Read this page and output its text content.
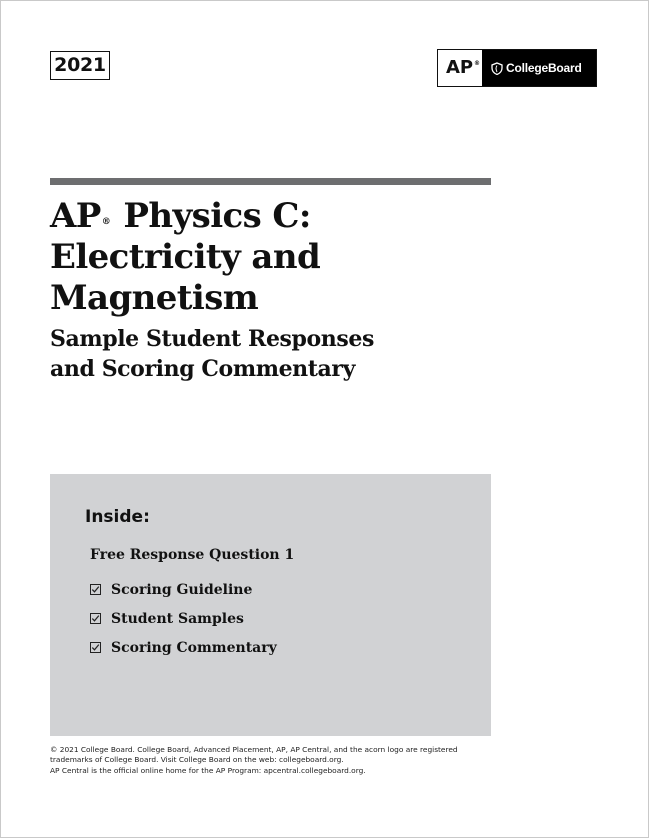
2021	AP ® CollegeBoard
AP® Physics C:
Electricity and
Magnetism
Sample Student Responses
and Scoring Commentary
Inside:
Free Response Question 1
Scoring Guideline
Student Samples
Scoring Commentary

© 2021 College Board. College Board, Advanced Placement, AP, AP Central, and the acorn logo are registered

trademarks of College Board. Visit College Board on the web: collegeboard.org.

AP Central is the official online home for the AP Program: apcentral.collegeboard.org.
